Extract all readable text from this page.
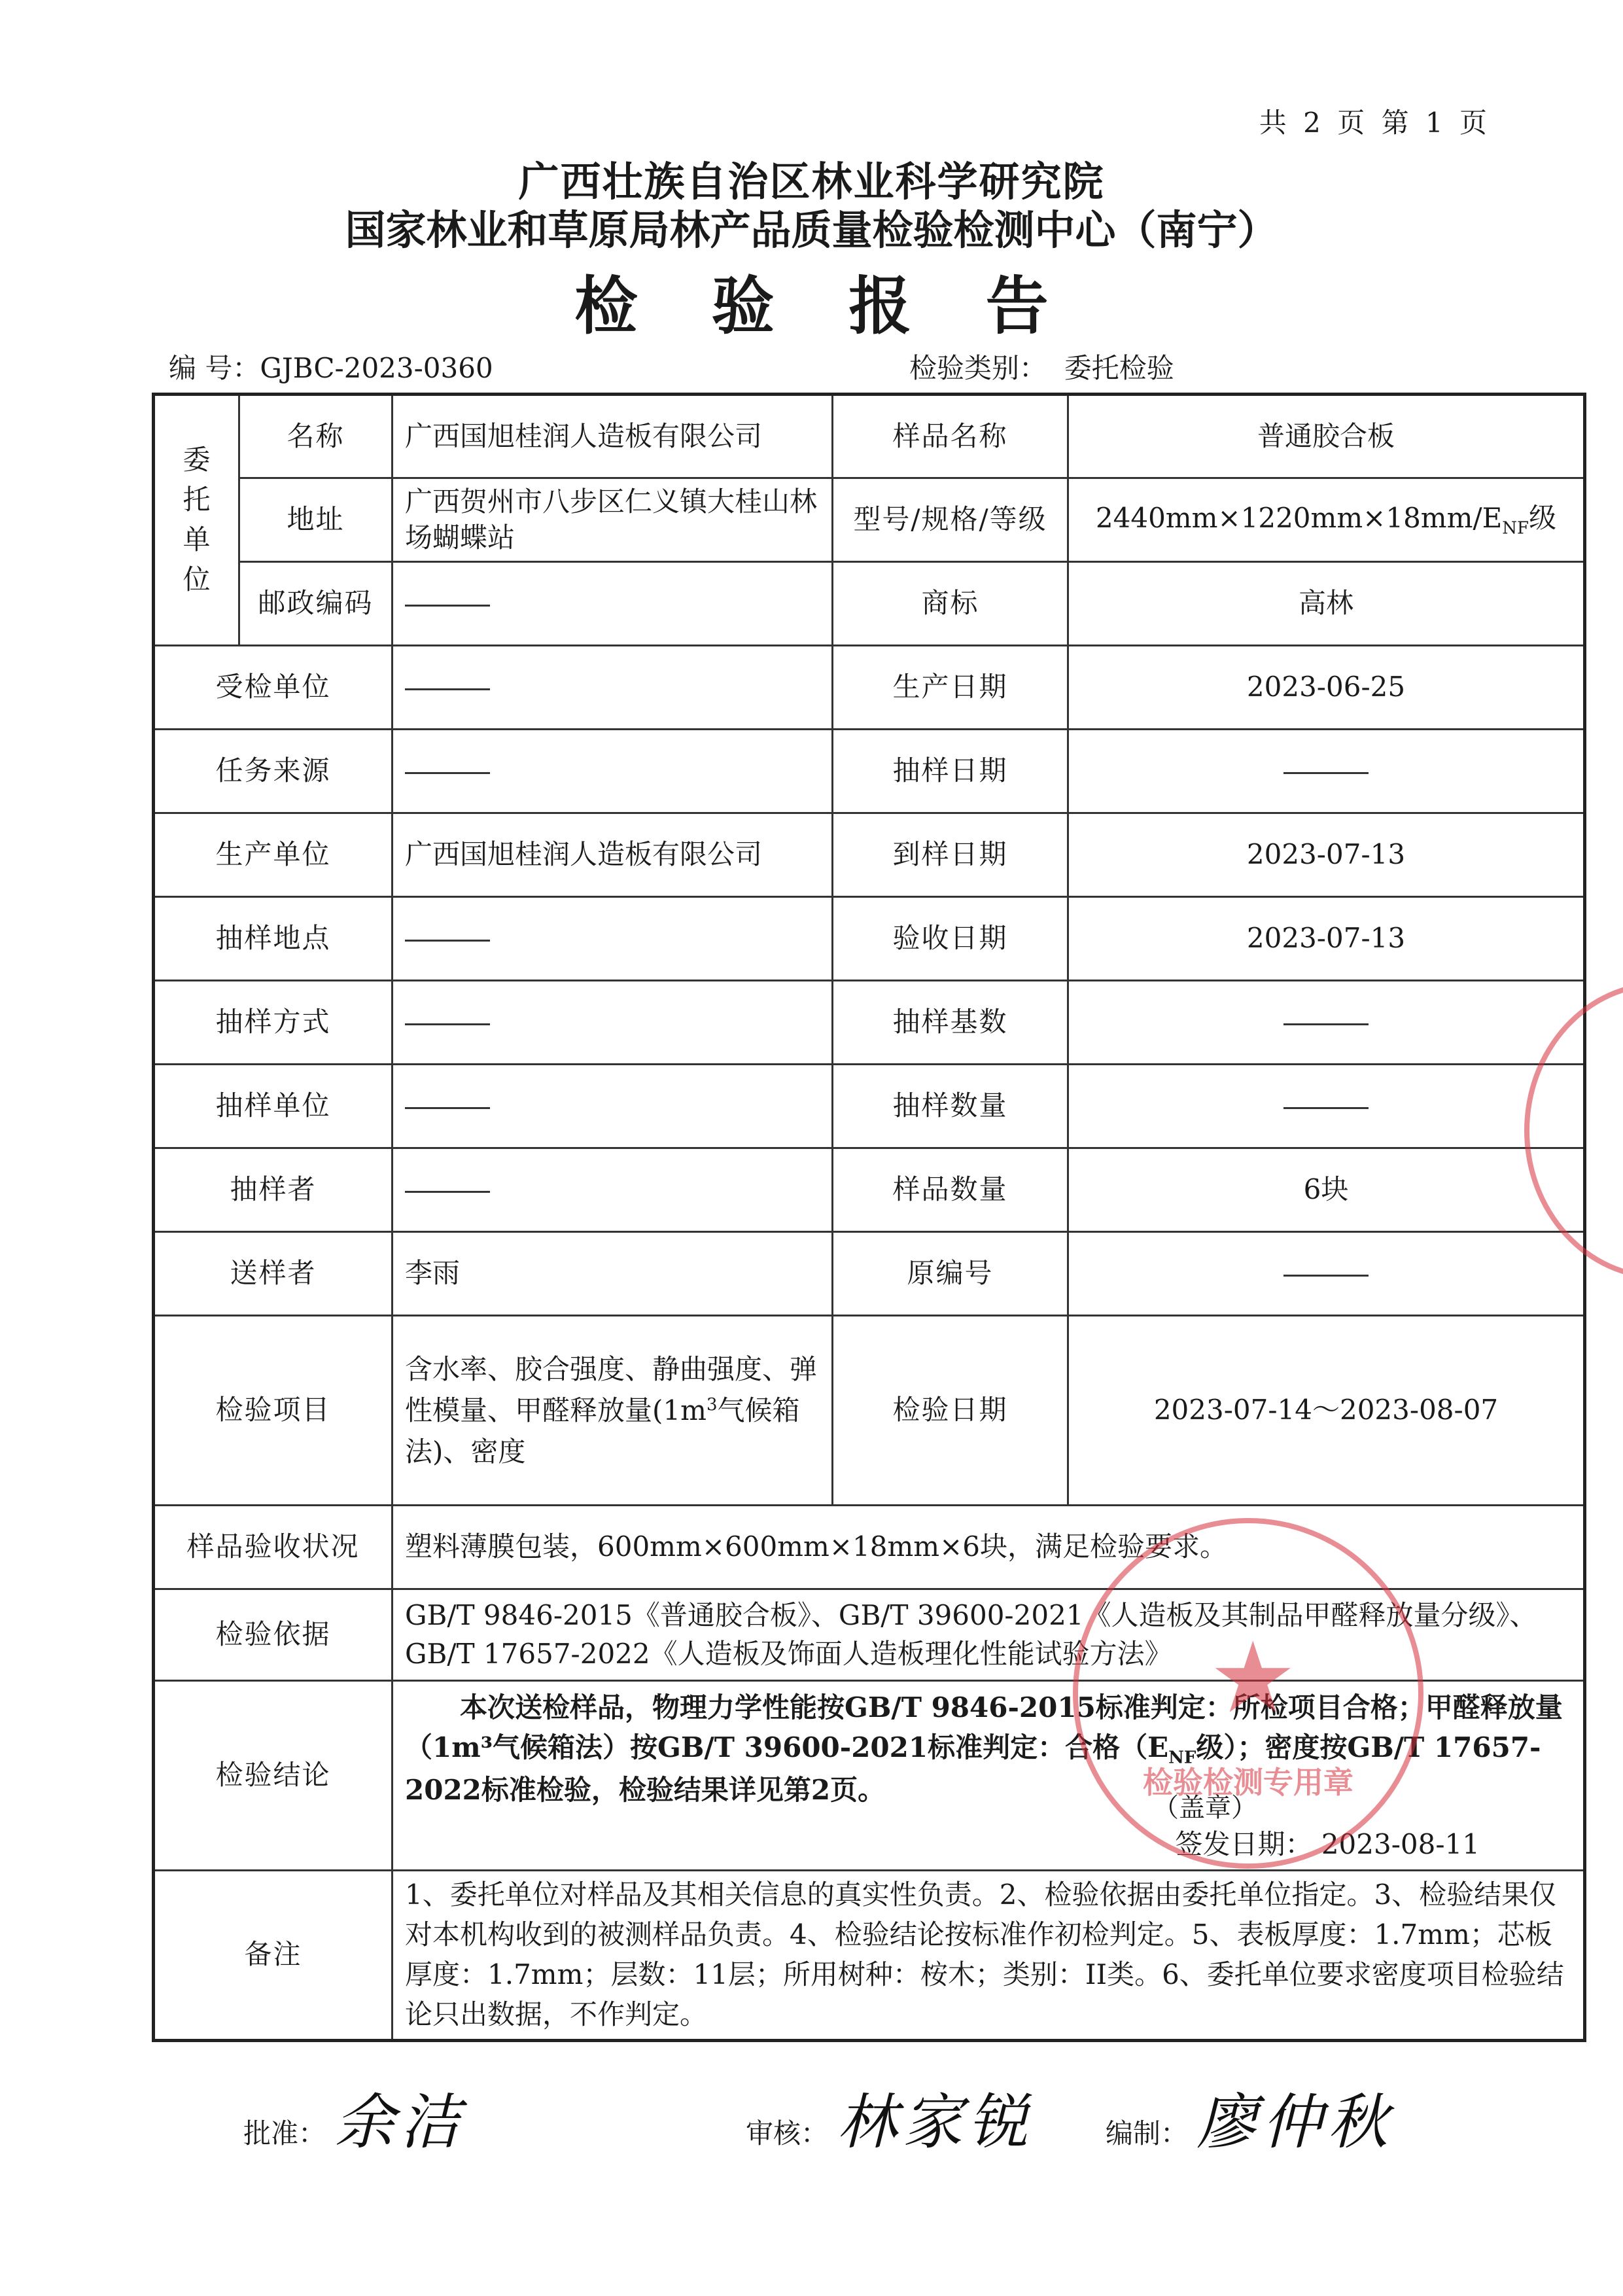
共 2 页 第 1 页
广西壮族自治区林业科学研究院
国家林业和草原局林产品质量检验检测中心（南宁）
检 验 报 告
编 号：GJBC-2023-0360	检验类别： 委托检验
委
托
单
位	名称	广西国旭桂润人造板有限公司	样品名称	普通胶合板
	地址	广西贺州市八步区仁义镇大桂山林场蝴蝶站	型号/规格/等级	$2440mm\times 1220mm\times 18mm/E_{NF}$级
	邮政编码		商标	高林
受检单位			生产日期	2023-06-25
任务来源			抽样日期	
生产单位		广西国旭桂润人造板有限公司	到样日期	2023-07-13
抽样地点			验收日期	2023-07-13
抽样方式			抽样基数	
抽样单位			抽样数量	
抽样者			样品数量	6块
送样者		李雨	原编号	
检验项目		含水率、胶合强度、静曲强度、弹性模量、甲醛释放量($1m^3$气候箱法)、密度	检验日期	2023-07-14～2023-08-07
样品验收状况		塑料薄膜包装，600mm×600mm×18mm×6块，满足检验要求。		
检验依据		GB/T 9846-2015《普通胶合板》、GB/T 39600-2021《人造板及其制品甲醛释放量分级》、GB/T 17657-2022《人造板及饰面人造板理化性能试验方法》		
检验结论		本次送检样品，物理力学性能按GB/T 9846-2015标准判定：所检项目合格；甲醛释放量（1m³气候箱法）按GB/T 39600-2021标准判定：合格（$E_{NF}$级）；密度按GB/T 17657-2022标准检验，检验结果详见第2页。
（盖章）
签发日期： 2023-08-11		

备注		1、委托单位对样品及其相关信息的真实性负责。2、检验依据由委托单位指定。3、检验结果仅对本机构收到的被测样品负责。4、检验结论按标准作初检判定。5、表板厚度：1.7mm；芯板厚度：1.7mm；层数：11层；所用树种：桉木；类别：II类。6、委托单位要求密度项目检验结论只出数据，不作判定。		
检验检测专用章
★
批准： 余洁	审核： 林家锐	编制： 廖仲秋
